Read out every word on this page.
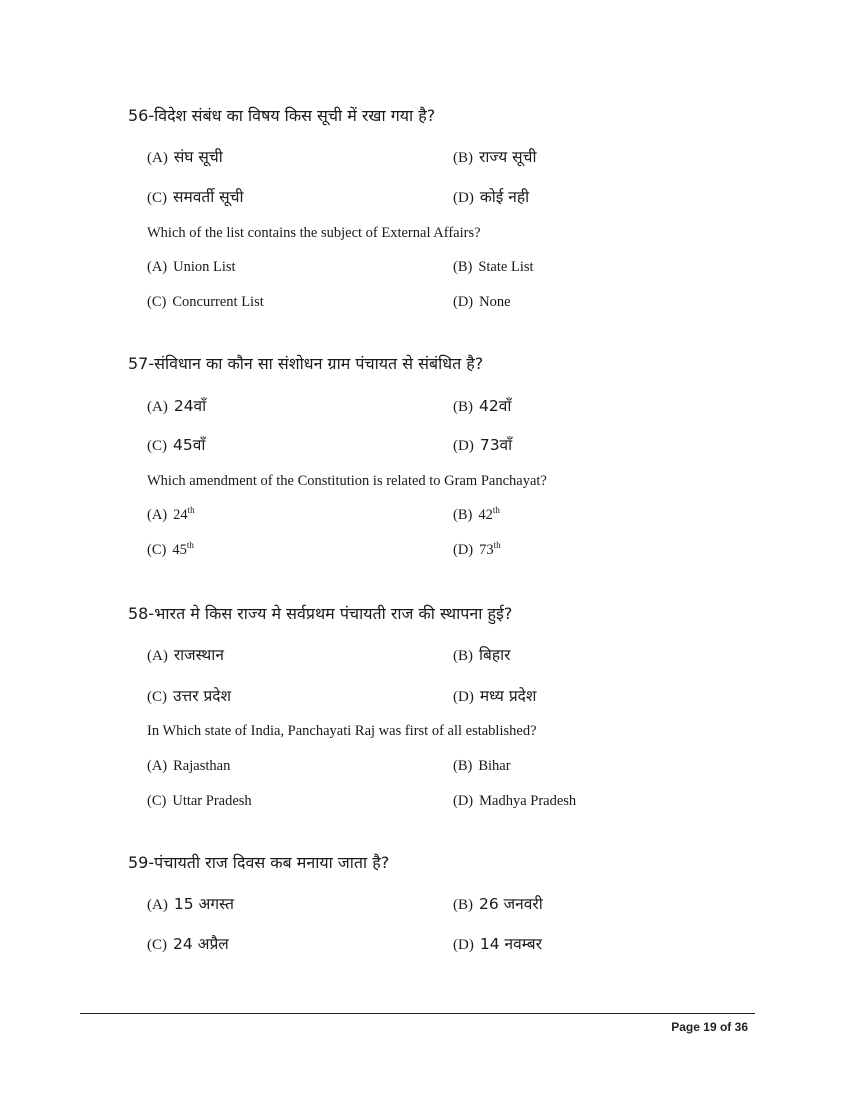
56-विदेश संबंध का विषय किस सूची में रखा गया है?
(A) संघ सूची	(B) राज्य सूची
(C) समवर्ती सूची	(D) कोई नही
Which of the list contains the subject of External Affairs?
(A) Union List	(B) State List
(C) Concurrent List	(D) None
57-संविधान का कौन सा संशोधन ग्राम पंचायत से संबंधित है?
(A) 24वाँ	(B) 42वाँ
(C) 45वाँ	(D) 73वाँ
Which amendment of the Constitution is related to Gram Panchayat?
(A) 24th	(B) 42th
(C) 45th	(D) 73th
58-भारत मे किस राज्य मे सर्वप्रथम पंचायती राज की स्थापना हुई?
(A) राजस्थान	(B) बिहार
(C) उत्तर प्रदेश	(D) मध्य प्रदेश
In Which state of India, Panchayati Raj was first of all established?
(A) Rajasthan	(B) Bihar
(C) Uttar Pradesh	(D) Madhya Pradesh
59-पंचायती राज दिवस कब मनाया जाता है?
(A) 15 अगस्त	(B) 26 जनवरी
(C) 24 अप्रैल	(D) 14 नवम्बर
Page 19 of 36
